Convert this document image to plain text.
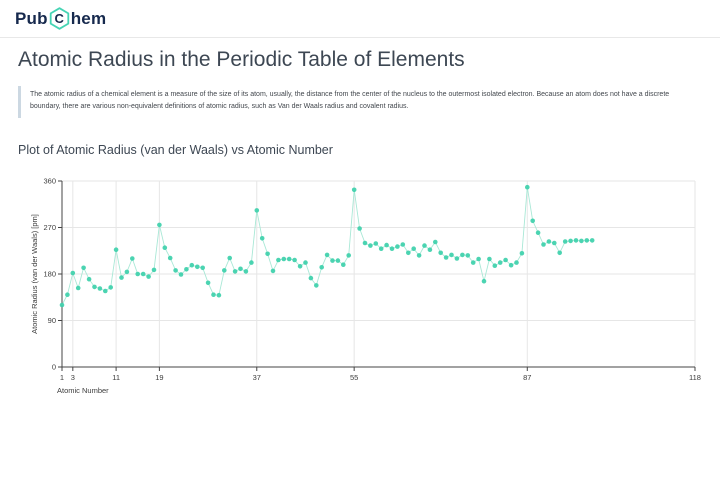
Pub C hem
Atomic Radius in the Periodic Table of Elements
The atomic radius of a chemical element is a measure of the size of its atom, usually, the distance from the center of the nucleus to the outermost isolated electron. Because an atom does not have a discrete boundary, there are various non-equivalent definitions of atomic radius, such as Van der Waals radius and covalent radius.
Plot of Atomic Radius (van der Waals) vs Atomic Number
1 3	11	19	37	55	87	118
0
90
180
270
360
Atomic Number
Atomic Radius (van der Waals) [pm]
